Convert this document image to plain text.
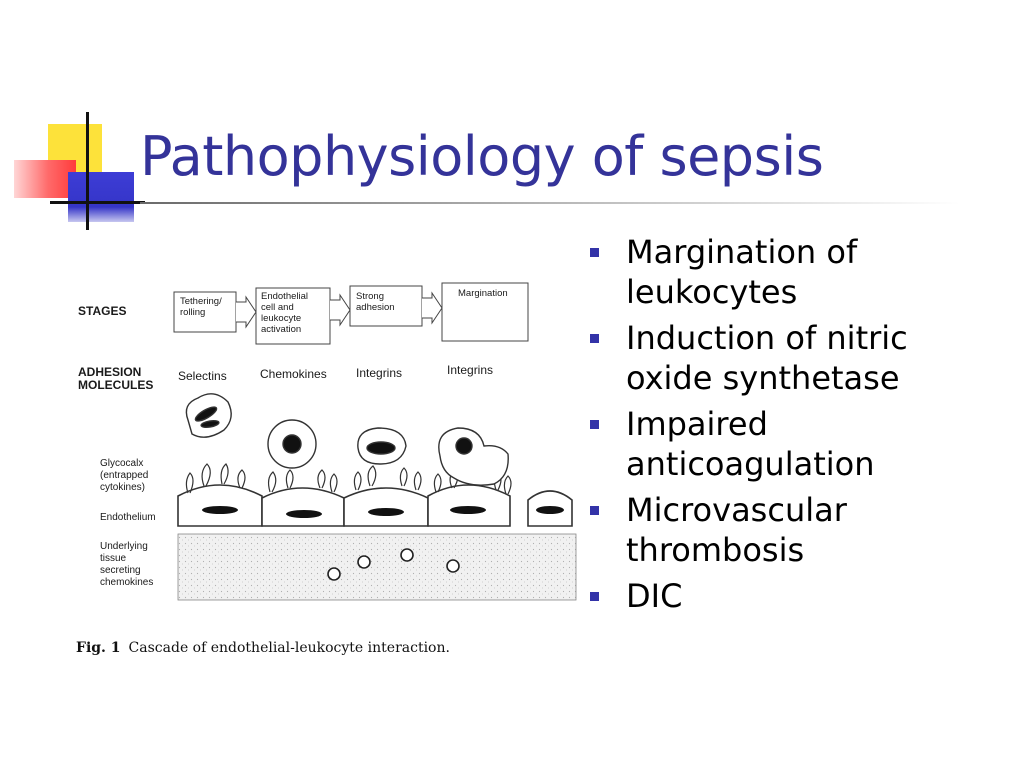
Pathophysiology of sepsis
STAGES
ADHESION
MOLECULES
Glycocalx
(entrapped
cytokines)
Endothelium
Underlying
tissue
secreting
chemokines
Tethering/
rolling
Endothelial
cell and
leukocyte
activation
Strong
adhesion
Margination
Selectins	Chemokines Integrins	Integrins
Fig. 1 Cascade of endothelial-leukocyte interaction.
Margination of
leukocytes
Induction of nitric
oxide synthetase
Impaired
anticoagulation
Microvascular
thrombosis
DIC
